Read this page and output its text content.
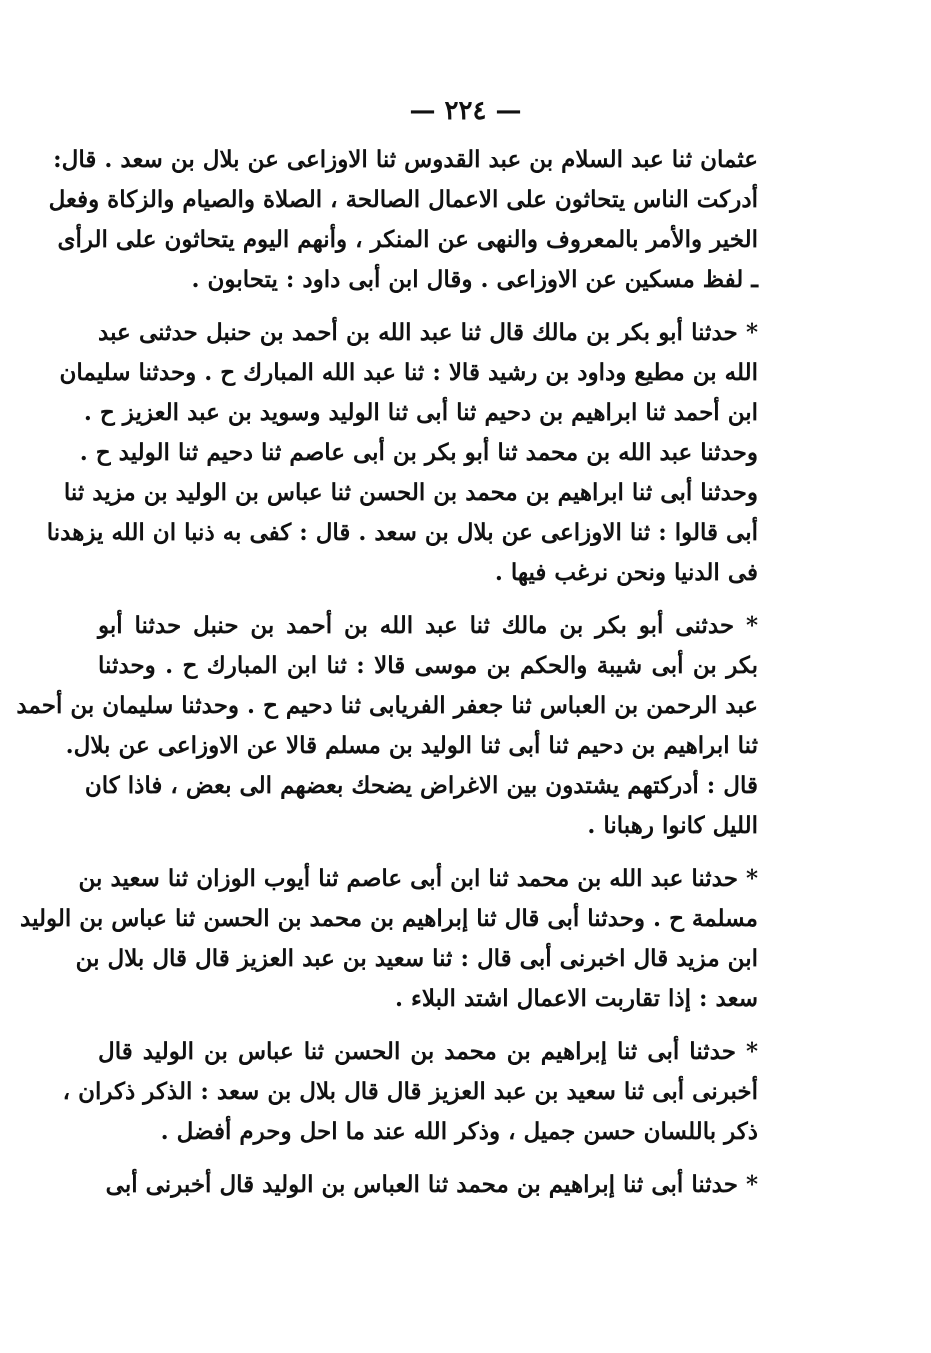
— ٢٢٤ —
عثمان ثنا عبد السلام بن عبد القدوس ثنا الاوزاعى عن بلال بن سعد . قال:
أدركت الناس يتحاثون على الاعمال الصالحة ، الصلاة والصيام والزكاة وفعل
الخير والأمر بالمعروف والنهى عن المنكر ، وأنهم اليوم يتحاثون على الرأى
ـ لفظ مسكين عن الاوزاعى . وقال ابن أبى داود : يتحابون .
* حدثنا أبو بكر بن مالك قال ثنا عبد الله بن أحمد بن حنبل حدثنى عبد
الله بن مطيع وداود بن رشيد قالا : ثنا عبد الله المبارك ح . وحدثنا سليمان
ابن أحمد ثنا ابراهيم بن دحيم ثنا أبى ثنا الوليد وسويد بن عبد العزيز ح .
وحدثنا عبد الله بن محمد ثنا أبو بكر بن أبى عاصم ثنا دحيم ثنا الوليد ح .
وحدثنا أبى ثنا ابراهيم بن محمد بن الحسن ثنا عباس بن الوليد بن مزيد ثنا
أبى قالوا : ثنا الاوزاعى عن بلال بن سعد . قال : كفى به ذنبا ان الله يزهدنا
فى الدنيا ونحن نرغب فيها .
* حدثنى أبو بكر بن مالك ثنا عبد الله بن أحمد بن حنبل حدثنا أبو
بكر بن أبى شيبة والحكم بن موسى قالا : ثنا ابن المبارك ح . وحدثنا
عبد الرحمن بن العباس ثنا جعفر الفريابى ثنا دحيم ح . وحدثنا سليمان بن أحمد
ثنا ابراهيم بن دحيم ثنا أبى ثنا الوليد بن مسلم قالا عن الاوزاعى عن بلال.
قال : أدركتهم يشتدون بين الاغراض يضحك بعضهم الى بعض ، فاذا كان
الليل كانوا رهبانا .
* حدثنا عبد الله بن محمد ثنا ابن أبى عاصم ثنا أيوب الوزان ثنا سعيد بن
مسلمة ح . وحدثنا أبى قال ثنا إبراهيم بن محمد بن الحسن ثنا عباس بن الوليد
ابن مزيد قال اخبرنى أبى قال : ثنا سعيد بن عبد العزيز قال قال بلال بن
سعد : إذا تقاربت الاعمال اشتد البلاء .
* حدثنا أبى ثنا إبراهيم بن محمد بن الحسن ثنا عباس بن الوليد قال
أخبرنى أبى ثنا سعيد بن عبد العزيز قال قال بلال بن سعد : الذكر ذكران ،
ذكر باللسان حسن جميل ، وذكر الله عند ما احل وحرم أفضل .
* حدثنا أبى ثنا إبراهيم بن محمد ثنا العباس بن الوليد قال أخبرنى أبى
